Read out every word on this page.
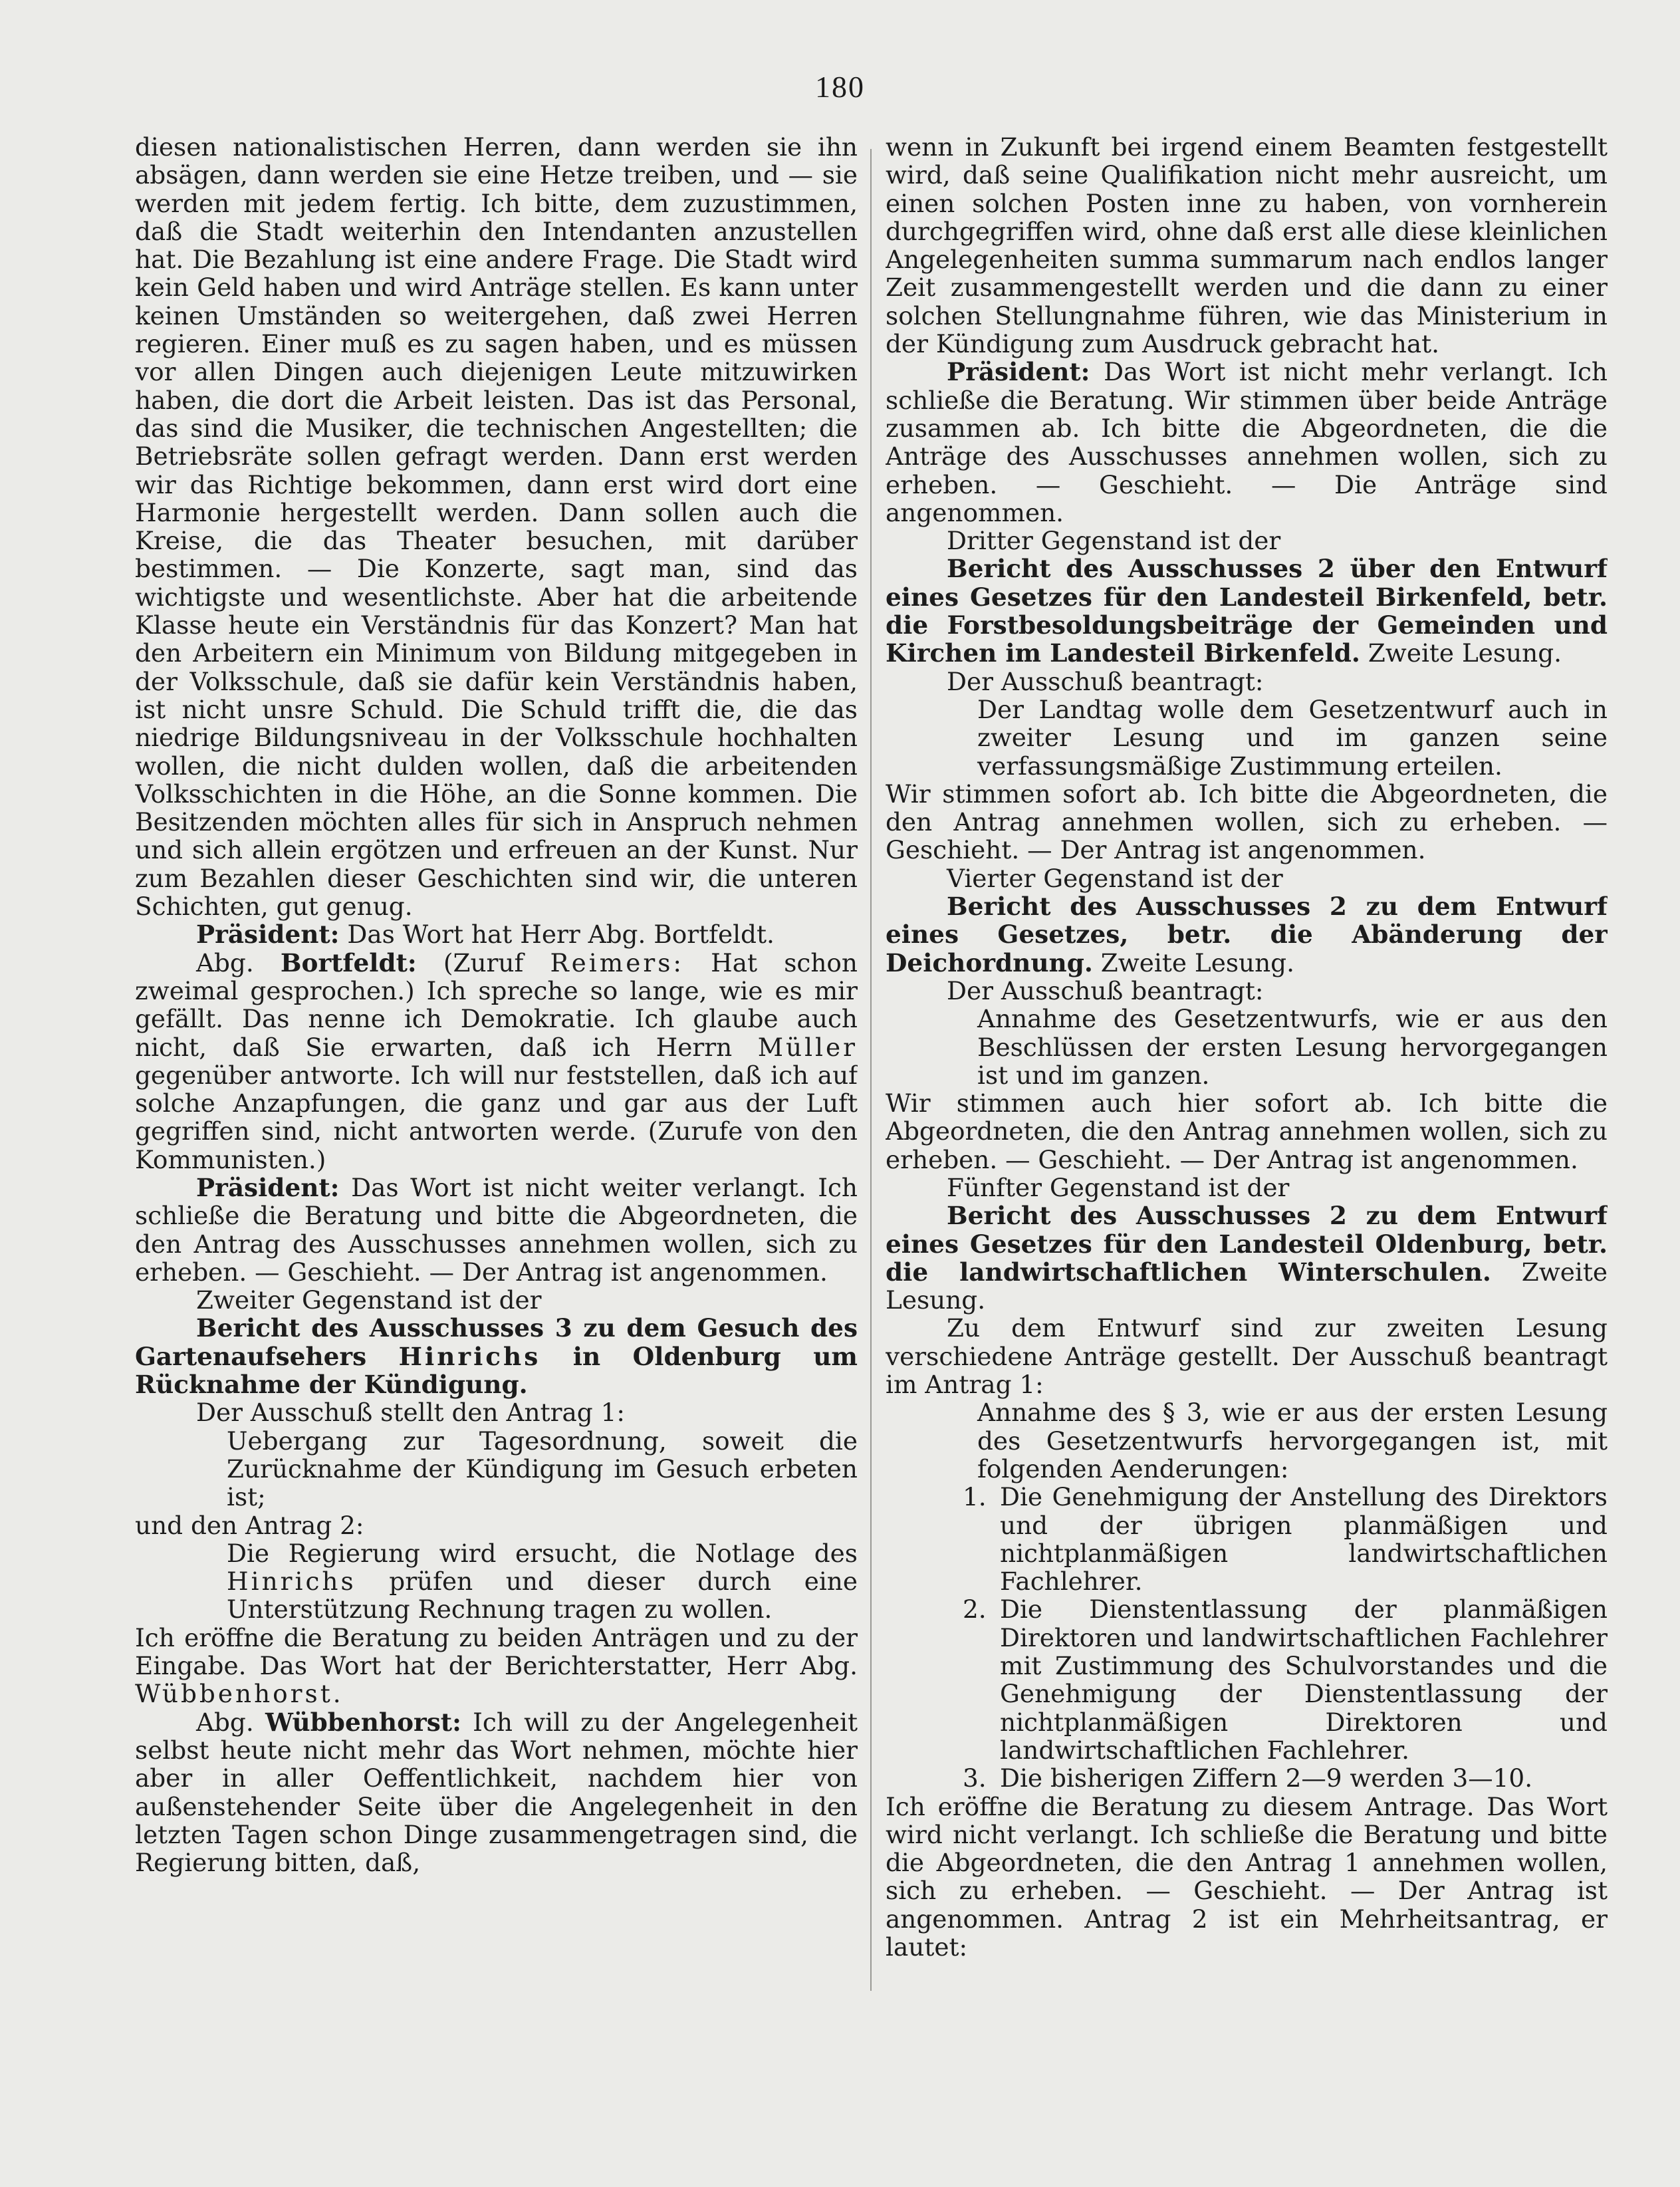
180

diesen nationalistischen Herren, dann werden sie ihn absägen, dann werden sie eine Hetze treiben, und — sie werden mit jedem fertig. Ich bitte, dem zuzustimmen, daß die Stadt weiterhin den Intendanten anzustellen hat. Die Bezahlung ist eine andere Frage. Die Stadt wird kein Geld haben und wird Anträge stellen. Es kann unter keinen Umständen so weitergehen, daß zwei Herren regieren. Einer muß es zu sagen haben, und es müssen vor allen Dingen auch diejenigen Leute mitzuwirken haben, die dort die Arbeit leisten. Das ist das Personal, das sind die Musiker, die technischen Angestellten; die Betriebsräte sollen gefragt werden. Dann erst werden wir das Richtige bekommen, dann erst wird dort eine Harmonie hergestellt werden. Dann sollen auch die Kreise, die das Theater besuchen, mit darüber bestimmen. — Die Konzerte, sagt man, sind das wichtigste und wesentlichste. Aber hat die arbeitende Klasse heute ein Verständnis für das Konzert? Man hat den Arbeitern ein Minimum von Bildung mitgegeben in der Volksschule, daß sie dafür kein Verständnis haben, ist nicht unsre Schuld. Die Schuld trifft die, die das niedrige Bildungsniveau in der Volksschule hochhalten wollen, die nicht dulden wollen, daß die arbeitenden Volksschichten in die Höhe, an die Sonne kommen. Die Besitzenden möchten alles für sich in Anspruch nehmen und sich allein ergötzen und erfreuen an der Kunst. Nur zum Bezahlen dieser Geschichten sind wir, die unteren Schichten, gut genug.

Präsident: Das Wort hat Herr Abg. Bortfeldt.

Abg. Bortfeldt: (Zuruf Reimers: Hat schon zweimal gesprochen.) Ich spreche so lange, wie es mir gefällt. Das nenne ich Demokratie. Ich glaube auch nicht, daß Sie erwarten, daß ich Herrn Müller gegenüber antworte. Ich will nur feststellen, daß ich auf solche Anzapfungen, die ganz und gar aus der Luft gegriffen sind, nicht antworten werde. (Zurufe von den Kommunisten.)

Präsident: Das Wort ist nicht weiter verlangt. Ich schließe die Beratung und bitte die Abgeordneten, die den Antrag des Ausschusses annehmen wollen, sich zu erheben. — Geschieht. — Der Antrag ist angenommen.

Zweiter Gegenstand ist der

Bericht des Ausschusses 3 zu dem Gesuch des Gartenaufsehers Hinrichs in Oldenburg um Rücknahme der Kündigung.

Der Ausschuß stellt den Antrag 1:

Uebergang zur Tagesordnung, soweit die Zurücknahme der Kündigung im Gesuch erbeten ist;

und den Antrag 2:

Die Regierung wird ersucht, die Notlage des Hinrichs prüfen und dieser durch eine Unterstützung Rechnung tragen zu wollen.

Ich eröffne die Beratung zu beiden Anträgen und zu der Eingabe. Das Wort hat der Berichterstatter, Herr Abg. Wübbenhorst.

Abg. Wübbenhorst: Ich will zu der Angelegenheit selbst heute nicht mehr das Wort nehmen, möchte hier aber in aller Oeffentlichkeit, nachdem hier von außenstehender Seite über die Angelegenheit in den letzten Tagen schon Dinge zusammengetragen sind, die Regierung bitten, daß,

wenn in Zukunft bei irgend einem Beamten festgestellt wird, daß seine Qualifikation nicht mehr ausreicht, um einen solchen Posten inne zu haben, von vornherein durchgegriffen wird, ohne daß erst alle diese kleinlichen Angelegenheiten summa summarum nach endlos langer Zeit zusammengestellt werden und die dann zu einer solchen Stellungnahme führen, wie das Ministerium in der Kündigung zum Ausdruck gebracht hat.

Präsident: Das Wort ist nicht mehr verlangt. Ich schließe die Beratung. Wir stimmen über beide Anträge zusammen ab. Ich bitte die Abgeordneten, die die Anträge des Ausschusses annehmen wollen, sich zu erheben. — Geschieht. — Die Anträge sind angenommen.

Dritter Gegenstand ist der

Bericht des Ausschusses 2 über den Entwurf eines Gesetzes für den Landesteil Birkenfeld, betr. die Forstbesoldungsbeiträge der Gemeinden und Kirchen im Landesteil Birkenfeld. Zweite Lesung.

Der Ausschuß beantragt:

Der Landtag wolle dem Gesetzentwurf auch in zweiter Lesung und im ganzen seine verfassungsmäßige Zustimmung erteilen.

Wir stimmen sofort ab. Ich bitte die Abgeordneten, die den Antrag annehmen wollen, sich zu erheben. — Geschieht. — Der Antrag ist angenommen.

Vierter Gegenstand ist der

Bericht des Ausschusses 2 zu dem Entwurf eines Gesetzes, betr. die Abänderung der Deichordnung. Zweite Lesung.

Der Ausschuß beantragt:

Annahme des Gesetzentwurfs, wie er aus den Beschlüssen der ersten Lesung hervorgegangen ist und im ganzen.

Wir stimmen auch hier sofort ab. Ich bitte die Abgeordneten, die den Antrag annehmen wollen, sich zu erheben. — Geschieht. — Der Antrag ist angenommen.

Fünfter Gegenstand ist der

Bericht des Ausschusses 2 zu dem Entwurf eines Gesetzes für den Landesteil Oldenburg, betr. die landwirtschaftlichen Winterschulen. Zweite Lesung.

Zu dem Entwurf sind zur zweiten Lesung verschiedene Anträge gestellt. Der Ausschuß beantragt im Antrag 1:

Annahme des § 3, wie er aus der ersten Lesung des Gesetzentwurfs hervorgegangen ist, mit folgenden Aenderungen:

1. Die Genehmigung der Anstellung des Direktors und der übrigen planmäßigen und nichtplanmäßigen landwirtschaftlichen Fachlehrer.

2. Die Dienstentlassung der planmäßigen Direktoren und landwirtschaftlichen Fachlehrer mit Zustimmung des Schulvorstandes und die Genehmigung der Dienstentlassung der nichtplanmäßigen Direktoren und landwirtschaftlichen Fachlehrer.

3. Die bisherigen Ziffern 2—9 werden 3—10.

Ich eröffne die Beratung zu diesem Antrage. Das Wort wird nicht verlangt. Ich schließe die Beratung und bitte die Abgeordneten, die den Antrag 1 annehmen wollen, sich zu erheben. — Geschieht. — Der Antrag ist angenommen. Antrag 2 ist ein Mehrheitsantrag, er lautet:
